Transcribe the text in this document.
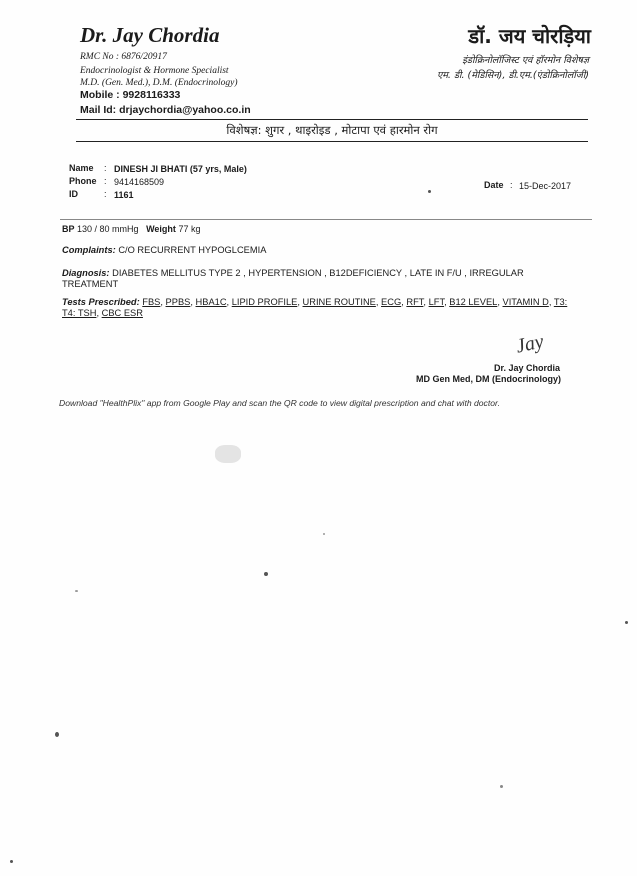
Dr. Jay Chordia
RMC No : 6876/20917
Endocrinologist & Hormone Specialist
M.D. (Gen. Med.), D.M. (Endocrinology)
Mobile : 9928116333
Mail Id: drjaychordia@yahoo.co.in
डॉ. जय चोरड़िया
इंडोक्रिनोलॉजिस्ट एवं हॉरमोन विशेषज्ञ
एम. डी. (मेडिसिन), डी.एम.(एंडोक्रिनोलॉजी)
विशेषज्ञ: शुगर , थाइरोइड , मोटापा एवं हारमोन रोग
Name : DINESH JI BHATI (57 yrs, Male)
Phone : 9414168509
ID	: 1161
Date : 15-Dec-2017
BP 130 / 80 mmHg Weight 77 kg
Complaints: C/O RECURRENT HYPOGLCEMIA
Diagnosis: DIABETES MELLITUS TYPE 2 , HYPERTENSION , B12DEFICIENCY , LATE IN F/U , IRREGULAR
TREATMENT
Tests Prescribed: FBS, PPBS, HBA1C, LIPID PROFILE, URINE ROUTINE, ECG, RFT, LFT, B12 LEVEL, VITAMIN D, T3:
T4: TSH, CBC ESR
Jay
Dr. Jay Chordia
MD Gen Med, DM (Endocrinology)
Download "HealthPlix" app from Google Play and scan the QR code to view digital prescription and chat with doctor.
